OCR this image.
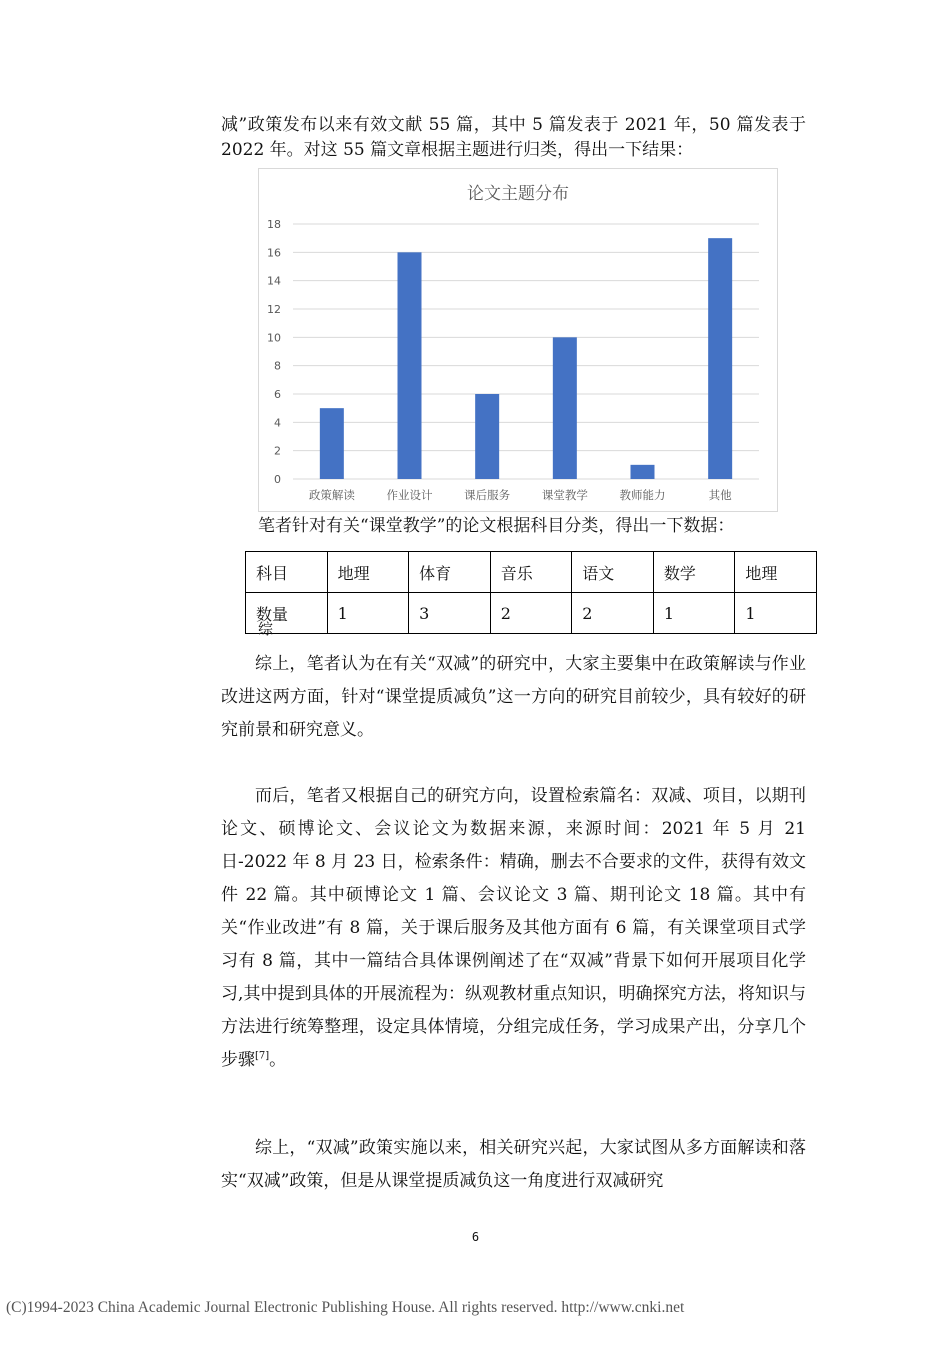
减”政策发布以来有效文献 55 篇，其中 5 篇发表于 2021 年，50 篇发表于 2022 年。对这 55 篇文章根据主题进行归类，得出一下结果：

论文主题分布
0
2
4
6
8
10
12
14
16
18
政策解读	作业设计	课后服务	课堂教学	教师能力	其他
笔者针对有关“课堂教学”的论文根据科目分类，得出一下数据：
科目	地理	体育	音乐	语文	数学	地理
数量	1	3	2	2	1	1
综

综上，笔者认为在有关“双减”的研究中，大家主要集中在政策解读与作业改进这两方面，针对“课堂提质减负”这一方向的研究目前较少，具有较好的研究前景和研究意义。

而后，笔者又根据自己的研究方向，设置检索篇名：双减、项目，以期刊论文、硕博论文、会议论文为数据来源，来源时间：2021 年 5 月 21 日-2022 年 8 月 23 日，检索条件：精确，删去不合要求的文件，获得有效文件 22 篇。其中硕博论文 1 篇、会议论文 3 篇、期刊论文 18 篇。其中有关“作业改进”有 8 篇，关于课后服务及其他方面有 6 篇，有关课堂项目式学习有 8 篇，其中一篇结合具体课例阐述了在“双减”背景下如何开展项目化学习,其中提到具体的开展流程为：纵观教材重点知识，明确探究方法，将知识与方法进行统筹整理，设定具体情境，分组完成任务，学习成果产出，分享几个步骤[7]。

综上，“双减”政策实施以来，相关研究兴起，大家试图从多方面解读和落实“双减”政策，但是从课堂提质减负这一角度进行双减研究

6
(C)1994-2023 China Academic Journal Electronic Publishing House. All rights reserved. http://www.cnki.net
